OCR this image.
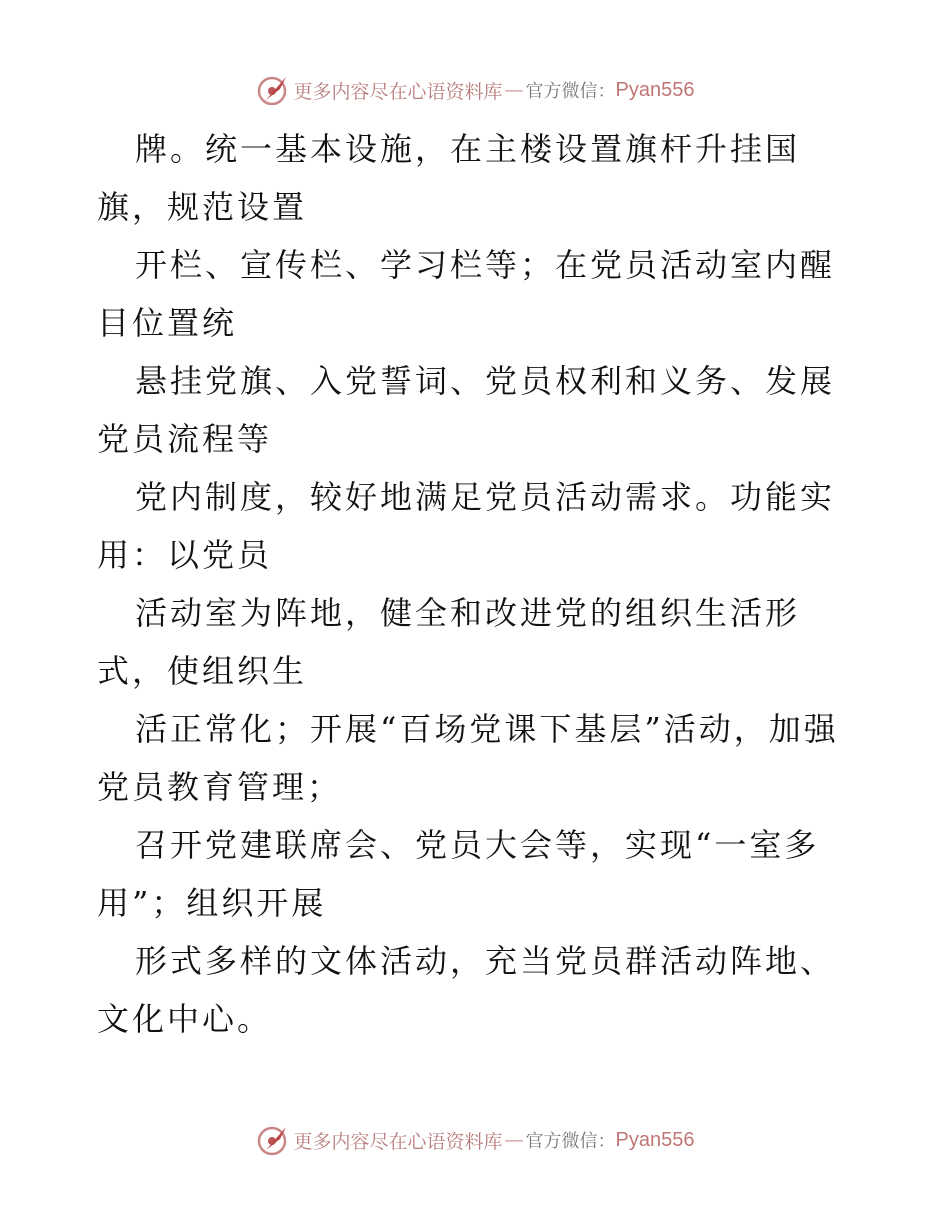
更多内容尽在心语资料库 — 官方微信： Pyan556

牌。统一基本设施，在主楼设置旗杆升挂国旗，规范设置

开栏、宣传栏、学习栏等；在党员活动室内醒目位置统

悬挂党旗、入党誓词、党员权利和义务、发展党员流程等

党内制度，较好地满足党员活动需求。功能实用：以党员

活动室为阵地，健全和改进党的组织生活形式，使组织生

活正常化；开展“百场党课下基层”活动，加强党员教育管理；

召开党建联席会、党员大会等，实现“一室多用”；组织开展

形式多样的文体活动，充当党员群活动阵地、文化中心。

更多内容尽在心语资料库 — 官方微信： Pyan556
